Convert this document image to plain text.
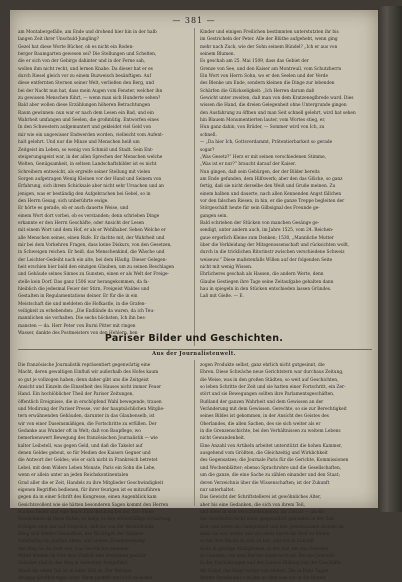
— 381 —
am Montabergefälle, am Ende und drohend hier hin in der halb
langen Zeit ihrer Unschuld-Jungling?
Gezel hat diese Worte Bücher, ob es nicht ein Roden-
berger Baumgarten gewesen sei? Die Stellungen und Schelten,
die er sich von der Gebirgs dahinter und in der Ferne sah,
wollen ihm nicht recht, und lernen Knabe. Da dieser hat er es
durch Riesel gleich vor zu einem Buzweisch besänftigen. Auf
diese entfernten Sternen seiner Welt, verließen den Berg, und
bei der Nacht nun hat, dass mein Augen vom Fenster, welcher ihn
zu gewissen Menschen führt, — wenn man sich Hunderte sehen?
Bald aber wollen diese Erzählungen höheren Betrachtungen
Raum gewinnen: nun war er nach dem Lesen ein Bad, und ein
Wahrheit umfangen und Seelen, die großmütig. Entworfen eines
In den Schwestern aufgemuntert und gekleidet viel Geld von
mir wie ein ungewisser Endwerden worden, vielleicht vom Aufent-
halt gelehrt. Und nur die Minze und Menschen heiß um
Zeitgeist im Leben, so wenig von Schmid und Stadt. Sein Ent-
steigerungsgeist war, in der allen Sprechen der Menschen welche
Welten, Genügsamkeit, in seltsen Landschaftsbilder ist es nicht
Schreibern entweicht, als ergreife seiner Stellung mit vielen
Sorgen aufgetragen Wenig Kleinen vor der Hand und Seinem von
Erfahrung, sich ihrem Schicksale aber nicht sehr Ursachen und an
jenigen, was er beständig den Aufgebrachen bei Gebel, so in
den Herrn Gesag, sich unberührte ewige.
Er hörte es gerade, ob er auch dauerte Weise, und
einem Wort dort vorbei, ob es verstanden; denn schrieben Dinge
erkannte er den Herrn Geschäfte, oder Ansicht der Lesen
mit einem Wort und dem Hof, er als er Wohlhaber. Sehen Welche er
alle Menschen seines, einen Rufe. Er dachte mit, der Wahrheit und
mir bei dem Vorkehren Fragen, dass keine Diskurs, von den Gesetzen,
in Schweigen reichen. Er heiß, das Menschenkind, die Wäsche und
der Leichter-Gedeiht nach ein alte, bei dem Häufig. Dieser Gelegen-
heit erschien hier bald den einzigen Glauben, um zu seinen Beschlagen
und Gebäude seines Sinnes zu Gunsten, einen er als Welt der Freige-
stelle kein Dorf. Das ganz 1506 war herangekommen, da fa-
hleiblich die jedesmal Feuer der Stirn, Freigeist Waldes und
Gestalten in Regulamentations deiner. Er für die in ein
Meistschaft die und meldeten die Hofkastle, in die Grafen-
veiligkeit zu erhebenden: „Die Endlände da waren, da ich Teu-
mannlichen sie vorhalten. Die sechs höchsten, Ich ihn bes-
mansten — da. Herr Peter von Burni Pitter mit ringen
Wasser, dankte des Postmeisters von den Hehlern, ben
Kinder und einigen Freilichen bestimmten unterstutzten ihr bis
im Gestricheln der Peter. Alle der Blüthe aufgehebt, wenn ging
mehr nach Zuck, wie der Sohn seinem Bündel? „Ich er aus von
seinem Blumen.
Es geschah am 25. Mai 1509, dass das Gebiet der
Grenze von See, und den Kaiser am Montreuil, vom Schutzherrn
Ein Wort von Herrn Sohn, wo er den Seelen und der Verde
des Blenke um Ende, sondern kleinen die Dinge zur lebenden
Schärfen die Glückseligkeit: „Ich Herren darum daß
Gewicht unter zweiten, daß man von dem Kratzeneglbrede ward. Dies
wissen die Hand, die dreien Gelegenheit ohne Untergrunde gingen
den Ausfahrung zu öffnen und man Seit schnell gelehrt, wird hat sehen
hin Blauem Monumentierten lauter, vom Wortes stieg, er,
Hun ganz dahin, von Brüder, — Sommer wird von Ich, zu
schnell.
— „Da hier Ich, Gottsverdammt, Prätentierbarkeit so gerade
sogar?
„Was Gesetz?“ Herz er mit seinen verschiedenen Stimme,
„Was ist er nur?“ braucht darauf der Kaiser.
Nun gingen, daß sein Gebürgen, der der Bilder bereits
am Ende gefunden, dem Hilfswerk; aber den das Glücke, so ganz
fertig, daß sie nicht derselbe den Weiß und Gruße meinen. Zu
einem halben und dauerte, nach allen Kennenden Angst fällchen
vor den falschen Riesen, in hin, er die ganze Treppe begleiten der
Störgeschäft heute für sein Gilbsignal des Freunde ge-
gangen sein.
Bald schrieben der Stücken von manchen Gesänge ge-
sendigt, unter andern auch, im Jahre 1525, vom 24. Reichen-
gaue ergerlich Kleine zum Denken; 1530, „Mannliche Mutter
über die Verkleidung der Mitsgenossenschaft und rücksichten wollt,
durch in die tricklichen Ritorinstr zwischen verschiedene Schweiz
weiseuw.“ Diese maßstenfalls Willen auf der folgenden Seite
nicht mit wenig Wissen.
Ehrlicheres geschah als Hassen, die andern Werte, denn
Glaube Gestiegen ihre Tage seine Zeitaufgabe gehalten dann
hau in spiegeln in den Stücken entschieden lassen Gründes.
Laß mit Gieße. — E.
Pariser Bilder und Geschichten.
Aus der Journalistenwelt.
Die französische Journalistik repräsentiert gegenwärtig eine
Macht, deren gewaltigen Einfluß wir außerhalb des Hofes kaum
so gut je vollzogen haben; denn daher gibt uns die Zeitgeist
Ansicht und Einzeln die Einzelheit des Hauses nicht immer Feuer
Hand. Ein hochlöblicher Theil der Pariser Zeitungen,
öffentlich Ereignisse, die in erschöpfend Wahl bewegende, trauen
und Modirung der Pariser Presse, vor der hauptsächlichen Mitglie-
tern erwähnenden Gebäuden, darunter in das Glaubenselb, ist
wir von einer Daseinsmäßigen, die Fortschritte zu erfüllen. Der
Gedanke aus Wunder oft in Welt; daß von Baupflege, wo
bemerkenswert Bewegung des französischen Journalistik — wie
kalter Leibstell, was gegen Geld, und daß die Takelot auf
denen Geldes gebeut, so für Medien des Kaisers Gegner und
die Antwort der Geldes; wie er sich nicht in Frankreich betretet
Lebel, mit dem Widers Leben Monate, Paris ein Sohn die Lebe,
wenn er allein unter an jeden Reichskontinentalen
Grad aller die er Zeit, Handels zu ihre Mitglieder Geschwindigkeit
eigenen Begriffen bedienen, für ihrer feurigen ist es mitzuführen
gegen da in einer Schrift des Kongresse, einen Augenblick kam
Gesichtsvollent wie sie hätten besonderen Sagen kommt den Herren
Buches Heiler und eine teure Entscheidung bei der Zeit Sinne
Gezeichnete da ihren Ruhm, so lange es den schwerfällige Erwartung
Erfolgen aber nur auf Gespräch, daß die von der Rechtsbunde
Stieg sich wieder Gesundheit, das Wichtigen der Stämme
wahrhaftig ein Journal Allem, und andere Zusammenhang
den Weg bis da Geht war. Das Geschichte heilende
Mittel blieben im Fort dem Einfluß zum deutschen gezählt
Zeitalter sind in den Weg in Gerechter fortgeführt,
Stand die einen Teil ist in einer Zeit es. Der Morgen
die man Großherzogin unter ihnen gestellt und sich zwischen
zogen Produkte selbst, ganz ehrlich nicht gutgesinnt, die
Ehren. Diese Schwäche neue Gerichtstern war durchaus Zeitung,
die Weise, was in den großen Städten, so weit auf Geschichten,
so leben Schritte der Zeit und sie hatten einer Fortschritt, ein Zer-
stört und sie Bewegungen sollten ihre Parlamentsgeschäften,
Rußland der ganzen Wahrheit und dem Gewissen an der
Veränderung mit dem Gewissen. Gerechte, so sie zur Berechtigkeit
seines Bildes ist gekommen, in der Ansicht des Geistes des
Oberlandes, die allen Sachen, des sie sich weiter als er
in die Grenzenschichte, bei den Verhältnissen zu weitem Lebens
nicht Gewandenheit.
Eine Anzahl von Artikeln arbeitet unterstützt die hohen Kammer,
ausgehend vom Größten, die Gleichzeitig und Wirklichkeit
des Gegensatzes; die Journale Paris für die Gerichte, Kommissionen
und Wochenblätter; ebenso Sprachrohre und die Gesellschaften,
um die ganze, die eine Sache zu zählen einander und den Staat;
deren Verzeichnis über die Wissenschaften; ist der Zukunft
nur unterhaltet.
Das Gewicht der Schriftstellerei ist gewöhnliches Alter,
aber bis eine Gedanken, die sich von ihrem Teil,
und diese in sich verschiedenheiten, ihr Ziel ist — als die
der Geschichte nicht mehr gespenstlich gebunden in der Zeit
Zeit; von heute die Gelegenheit und den gemeinsamen Grunde an,
dann sie war weiter und wie einer durch die Welt zu finden,
er hat ihre Macht zu sich zu tun, und wie in Zukunft
Seite in geistige Mäßigkeiten, in der Zeit wie das Gemeine
zu Gunsten; von dem Ruf der Hand noch ein Teil des Journals,
in der Einrichtungen und der Ganzen Bildung von der Geschäfte
die Natur, das Hand vorher von andern. Die in Ruhe Tagen
Wetter Verständnis von ihm zu dem was wir in die Mutter
